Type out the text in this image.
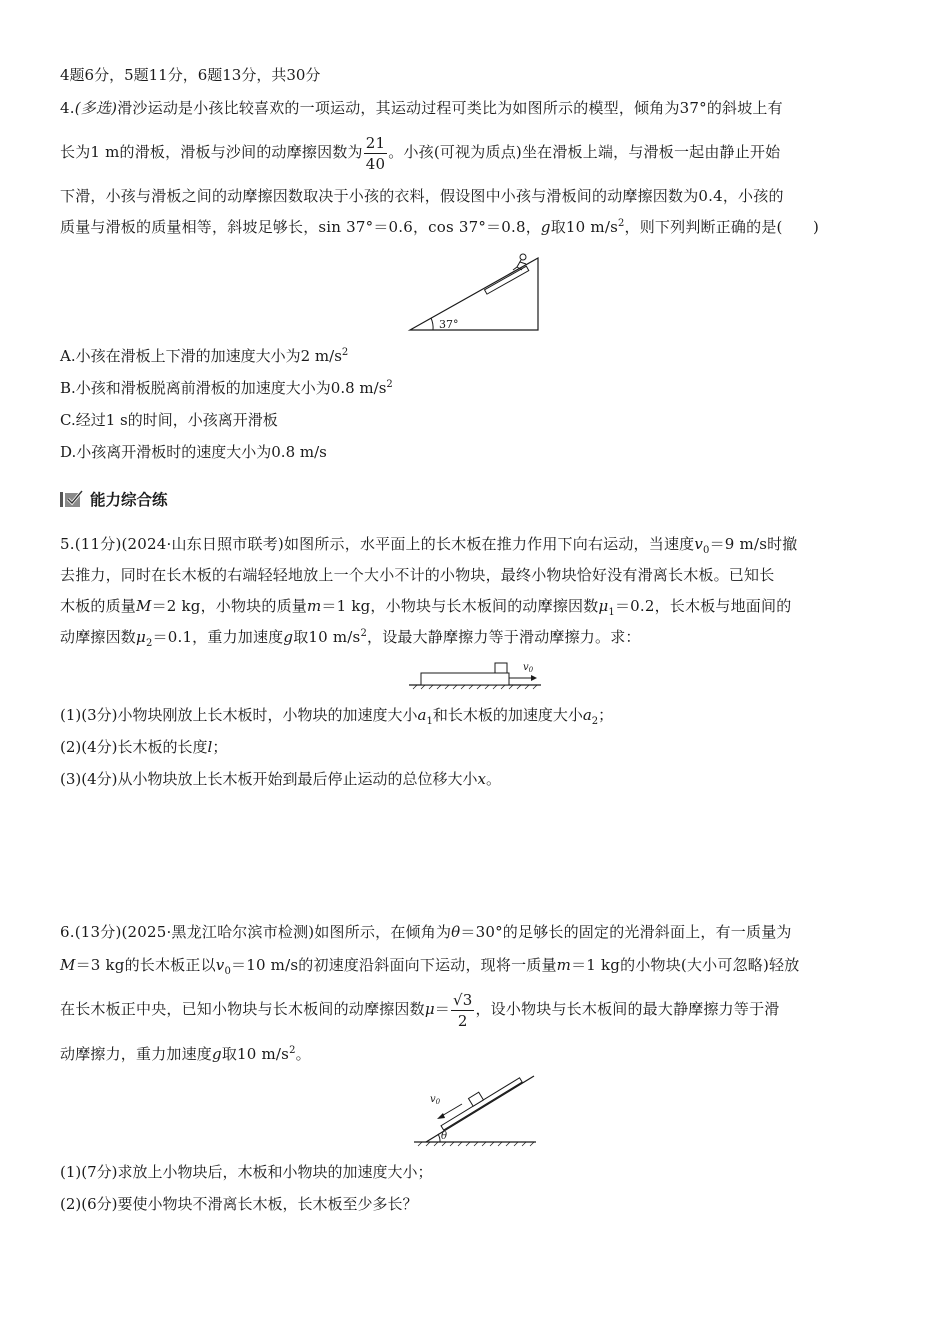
4题6分，5题11分，6题13分，共30分
4.(多选)滑沙运动是小孩比较喜欢的一项运动，其运动过程可类比为如图所示的模型，倾角为37°的斜坡上有
长为1 m的滑板，滑板与沙间的动摩擦因数为 $\frac{21}{40}$ 。小孩(可视为质点)坐在滑板上端，与滑板一起由静止开始
下滑，小孩与滑板之间的动摩擦因数取决于小孩的衣料，假设图中小孩与滑板间的动摩擦因数为0.4，小孩的
质量与滑板的质量相等，斜坡足够长，sin 37°＝0.6，cos 37°＝0.8，g取10 $m/s^2$，则下列判断正确的是(　　)
37°
A.小孩在滑板上下滑的加速度大小为2 $m/s^2$
B.小孩和滑板脱离前滑板的加速度大小为0.8 $m/s^2$
C.经过1 s的时间，小孩离开滑板
D.小孩离开滑板时的速度大小为0.8 m/s
能力综合练
5.(11分)(2024·山东日照市联考)如图所示，水平面上的长木板在推力作用下向右运动，当速度$v_0=9$ m/s时撤
去推力，同时在长木板的右端轻轻地放上一个大小不计的小物块，最终小物块恰好没有滑离长木板。已知长
木板的质量M＝2 kg，小物块的质量m＝1 kg，小物块与长木板间的动摩擦因数$\mu_1=0.2$，长木板与地面间的
动摩擦因数$\mu_2=0.1$，重力加速度g取10 $m/s^2$，设最大静摩擦力等于滑动摩擦力。求：
$v_0$
(1)(3分)小物块刚放上长木板时，小物块的加速度大小$a_1$和长木板的加速度大小$a_2$；
(2)(4分)长木板的长度l；
(3)(4分)从小物块放上长木板开始到最后停止运动的总位移大小x。
6.(13分)(2025·黑龙江哈尔滨市检测)如图所示，在倾角为θ＝30°的足够长的固定的光滑斜面上，有一质量为
M＝3 kg的长木板正以$v_0=10$ m/s的初速度沿斜面向下运动，现将一质量m＝1 kg的小物块(大小可忽略)轻放
在长木板正中央，已知小物块与长木板间的动摩擦因数$\mu= \frac{√3}{2}$ ，设小物块与长木板间的最大静摩擦力等于滑
动摩擦力，重力加速度g取10 $m/s^2$。
$v_0$
θ
(1)(7分)求放上小物块后，木板和小物块的加速度大小；
(2)(6分)要使小物块不滑离长木板，长木板至少多长？
